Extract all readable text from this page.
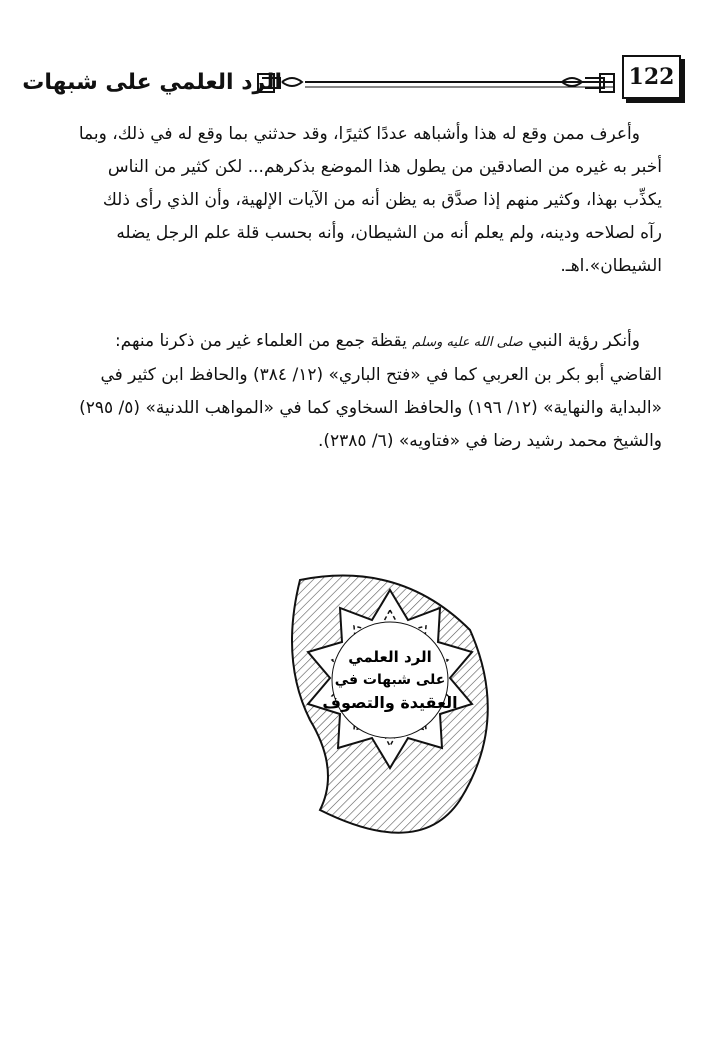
الرد العلمي على شبهات	122

وأعرف ممن وقع له هذا وأشباهه عددًا كثيرًا، وقد حدثني بما وقع له في ذلك، وبما

أخبر به غيره من الصادقين من يطول هذا الموضع بذكرهم... لكن كثير من الناس

يكذِّب بهذا، وكثير منهم إذا صدَّق به يظن أنه من الآيات الإلهية، وأن الذي رأى ذلك

رآه لصلاحه ودينه، ولم يعلم أنه من الشيطان، وأنه بحسب قلة علم الرجل يضله

الشيطان».اهـ.

وأنكر رؤية النبي صلى الله عليه وسلم يقظة جمع من العلماء غير من ذكرنا منهم:

القاضي أبو بكر بن العربي كما في «فتح الباري» (١٢/ ٣٨٤) والحافظ ابن كثير في

«البداية والنهاية» (١٢/ ١٩٦) والحافظ السخاوي كما في «المواهب اللدنية» (٥/ ٢٩٥)

والشيخ محمد رشيد رضا في «فتاويه» (٦/ ٢٣٨٥).

الرد العلمي
على شبهات في
العقيدة والتصوف
